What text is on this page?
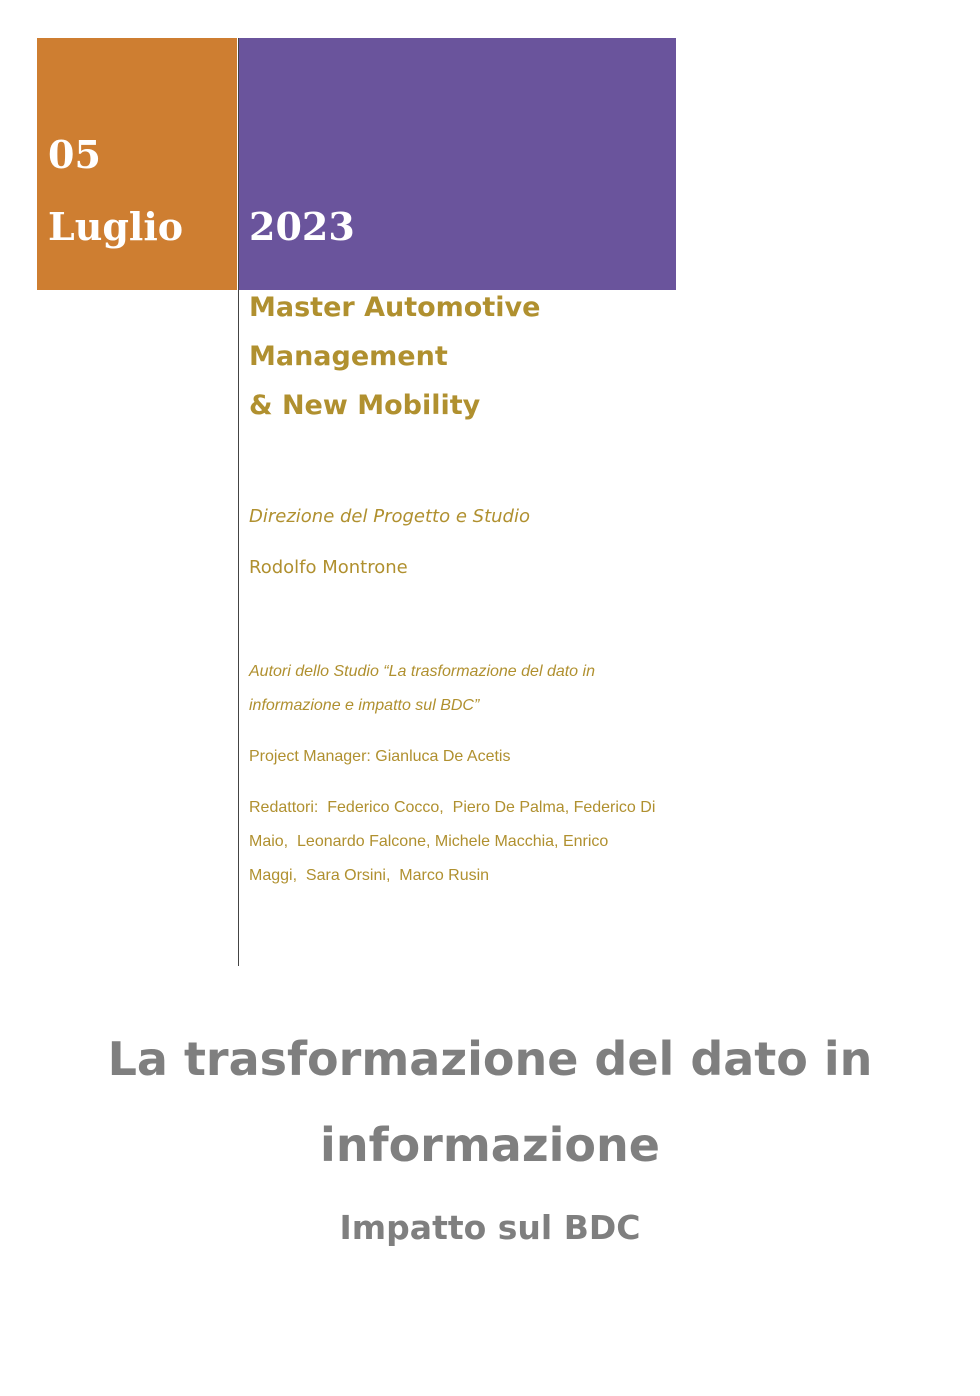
05
Luglio 2023
Master Automotive
Management
& New Mobility
Direzione del Progetto e Studio
Rodolfo Montrone
Autori dello Studio “La trasformazione del dato in informazione e impatto sul BDC”
Project Manager: Gianluca De Acetis
Redattori:  Federico Cocco,  Piero De Palma, Federico Di Maio,  Leonardo Falcone, Michele Macchia, Enrico Maggi,  Sara Orsini,  Marco Rusin
La trasformazione del dato in informazione
Impatto sul BDC
